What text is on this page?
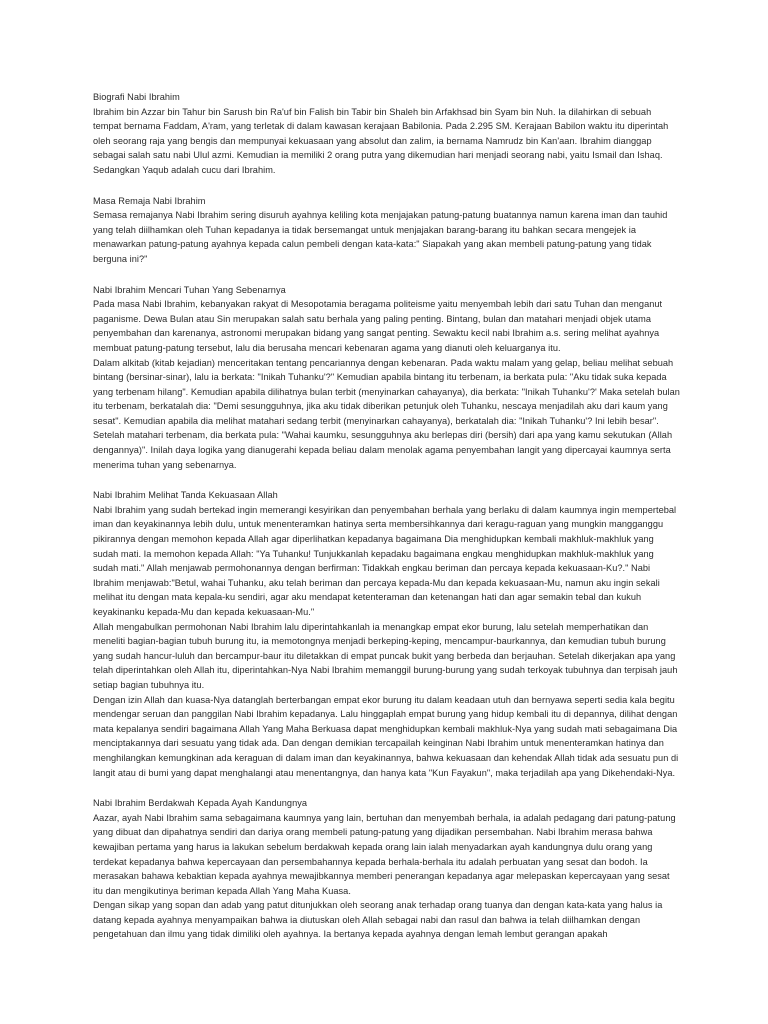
Biografi Nabi Ibrahim
Ibrahim bin Azzar bin Tahur bin Sarush bin Ra'uf bin Falish bin Tabir bin Shaleh bin Arfakhsad bin Syam bin Nuh. Ia dilahirkan di sebuah tempat bernama Faddam, A'ram, yang terletak di dalam kawasan kerajaan Babilonia. Pada 2.295 SM. Kerajaan Babilon waktu itu diperintah oleh seorang raja yang bengis dan mempunyai kekuasaan yang absolut dan zalim, ia bernama Namrudz bin Kan'aan. Ibrahim dianggap sebagai salah satu nabi Ulul azmi. Kemudian ia memiliki 2 orang putra yang dikemudian hari menjadi seorang nabi, yaitu Ismail dan Ishaq. Sedangkan Yaqub adalah cucu dari Ibrahim.
Masa Remaja Nabi Ibrahim
Semasa remajanya Nabi Ibrahim sering disuruh ayahnya keliling kota menjajakan patung-patung buatannya namun karena iman dan tauhid yang telah diilhamkan oleh Tuhan kepadanya ia tidak bersemangat untuk menjajakan barang-barang itu bahkan secara mengejek ia menawarkan patung-patung ayahnya kepada calun pembeli dengan kata-kata:" Siapakah yang akan membeli patung-patung yang tidak berguna ini?"
Nabi Ibrahim Mencari Tuhan Yang Sebenarnya
Pada masa Nabi Ibrahim, kebanyakan rakyat di Mesopotamia beragama politeisme yaitu menyembah lebih dari satu Tuhan dan menganut paganisme. Dewa Bulan atau Sin merupakan salah satu berhala yang paling penting. Bintang, bulan dan matahari menjadi objek utama penyembahan dan karenanya, astronomi merupakan bidang yang sangat penting. Sewaktu kecil nabi Ibrahim a.s. sering melihat ayahnya membuat patung-patung tersebut, lalu dia berusaha mencari kebenaran agama yang dianuti oleh keluarganya itu.
Dalam alkitab (kitab kejadian) menceritakan tentang pencariannya dengan kebenaran. Pada waktu malam yang gelap, beliau melihat sebuah bintang (bersinar-sinar), lalu ia berkata: "Inikah Tuhanku'?" Kemudian apabila bintang itu terbenam, ia berkata pula: "Aku tidak suka kepada yang terbenam hilang". Kemudian apabila dilihatnya bulan terbit (menyinarkan cahayanya), dia berkata: "Inikah Tuhanku'?' Maka setelah bulan itu terbenam, berkatalah dia: "Demi sesungguhnya, jika aku tidak diberikan petunjuk oleh Tuhanku, nescaya menjadilah aku dari kaum yang sesat". Kemudian apabila dia melihat matahari sedang terbit (menyinarkan cahayanya), berkatalah dia: "Inikah Tuhanku'? Ini lebih besar". Setelah matahari terbenam, dia berkata pula: "Wahai kaumku, sesungguhnya aku berlepas diri (bersih) dari apa yang kamu sekutukan (Allah dengannya)". Inilah daya logika yang dianugerahi kepada beliau dalam menolak agama penyembahan langit yang dipercayai kaumnya serta menerima tuhan yang sebenarnya.
Nabi Ibrahim Melihat Tanda Kekuasaan Allah
Nabi Ibrahim yang sudah bertekad ingin memerangi kesyirikan dan penyembahan berhala yang berlaku di dalam kaumnya ingin mempertebal iman dan keyakinannya lebih dulu, untuk menenteramkan hatinya serta membersihkannya dari keragu-raguan yang mungkin mangganggu pikirannya dengan memohon kepada Allah agar diperlihatkan kepadanya bagaimana Dia menghidupkan kembali makhluk-makhluk yang sudah mati. Ia memohon kepada Allah: "Ya Tuhanku! Tunjukkanlah kepadaku bagaimana engkau menghidupkan makhluk-makhluk yang sudah mati." Allah menjawab permohonannya dengan berfirman: Tidakkah engkau beriman dan percaya kepada kekuasaan-Ku?." Nabi Ibrahim menjawab:"Betul, wahai Tuhanku, aku telah beriman dan percaya kepada-Mu dan kepada kekuasaan-Mu, namun aku ingin sekali melihat itu dengan mata kepala-ku sendiri, agar aku mendapat ketenteraman dan ketenangan hati dan agar semakin tebal dan kukuh keyakinanku kepada-Mu dan kepada kekuasaan-Mu."
Allah mengabulkan permohonan Nabi Ibrahim lalu diperintahkanlah ia menangkap empat ekor burung, lalu setelah memperhatikan dan meneliti bagian-bagian tubuh burung itu, ia memotongnya menjadi berkeping-keping, mencampur-baurkannya, dan kemudian tubuh burung yang sudah hancur-luluh dan bercampur-baur itu diletakkan di empat puncak bukit yang berbeda dan berjauhan. Setelah dikerjakan apa yang telah diperintahkan oleh Allah itu, diperintahkan-Nya Nabi Ibrahim memanggil burung-burung yang sudah terkoyak tubuhnya dan terpisah jauh setiap bagian tubuhnya itu.
Dengan izin Allah dan kuasa-Nya datanglah berterbangan empat ekor burung itu dalam keadaan utuh dan bernyawa seperti sedia kala begitu mendengar seruan dan panggilan Nabi Ibrahim kepadanya. Lalu hinggaplah empat burung yang hidup kembali itu di depannya, dilihat dengan mata kepalanya sendiri bagaimana Allah Yang Maha Berkuasa dapat menghidupkan kembali makhluk-Nya yang sudah mati sebagaimana Dia menciptakannya dari sesuatu yang tidak ada. Dan dengan demikian tercapailah keinginan Nabi Ibrahim untuk menenteramkan hatinya dan menghilangkan kemungkinan ada keraguan di dalam iman dan keyakinannya, bahwa kekuasaan dan kehendak Allah tidak ada sesuatu pun di langit atau di bumi yang dapat menghalangi atau menentangnya, dan hanya kata "Kun Fayakun", maka terjadilah apa yang Dikehendaki-Nya.
Nabi Ibrahim Berdakwah Kepada Ayah Kandungnya
Aazar, ayah Nabi Ibrahim sama sebagaimana kaumnya yang lain, bertuhan dan menyembah berhala, ia adalah pedagang dari patung-patung yang dibuat dan dipahatnya sendiri dan dariya orang membeli patung-patung yang dijadikan persembahan. Nabi Ibrahim merasa bahwa kewajiban pertama yang harus ia lakukan sebelum berdakwah kepada orang lain ialah menyadarkan ayah kandungnya dulu orang yang terdekat kepadanya bahwa kepercayaan dan persembahannya kepada berhala-berhala itu adalah perbuatan yang sesat dan bodoh. Ia merasakan bahawa kebaktian kepada ayahnya mewajibkannya memberi penerangan kepadanya agar melepaskan kepercayaan yang sesat itu dan mengikutinya beriman kepada Allah Yang Maha Kuasa.
Dengan sikap yang sopan dan adab yang patut ditunjukkan oleh seorang anak terhadap orang tuanya dan dengan kata-kata yang halus ia datang kepada ayahnya menyampaikan bahwa ia diutuskan oleh Allah sebagai nabi dan rasul dan bahwa ia telah diilhamkan dengan pengetahuan dan ilmu yang tidak dimiliki oleh ayahnya. Ia bertanya kepada ayahnya dengan lemah lembut gerangan apakah
